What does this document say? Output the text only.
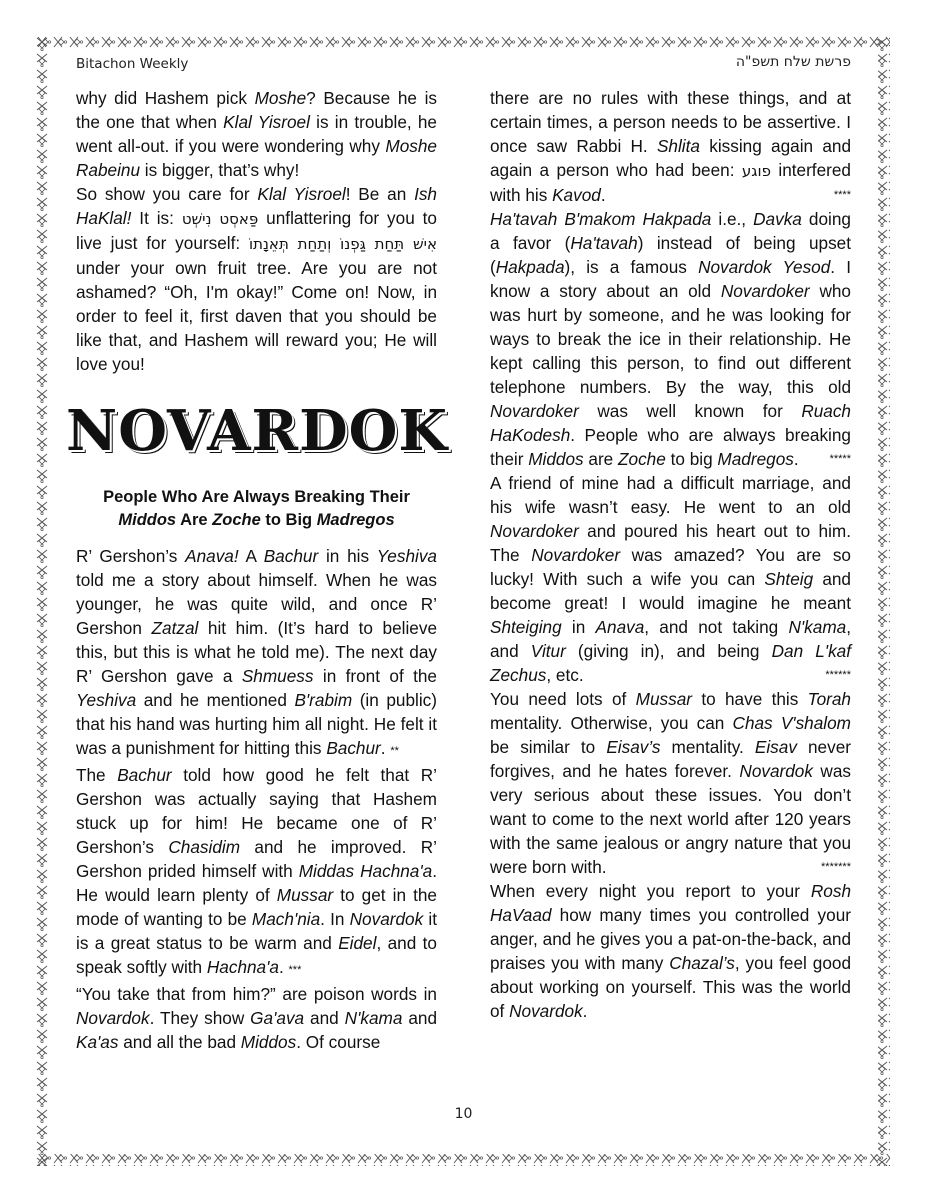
Bitachon Weekly	פרשת שלח תשפ"ה

why did Hashem pick Moshe? Because he is the one that when Klal Yisroel is in trouble, he went all-out. if you were wondering why Moshe Rabeinu is bigger, that’s why!

So show you care for Klal Yisroel! Be an Ish HaKlal! It is: פַּאסְט נִישְׁט unflattering for you to live just for yourself: אִישׁ תַּחַת גַּפְנוֹ וְתַחַת תְּאֵנָתוֹ under your own fruit tree. Are you are not ashamed? “Oh, I'm okay!” Come on! Now, in order to feel it, first daven that you should be like that, and Hashem will reward you; He will love you!

NOVARDOK
People Who Are Always Breaking Their
Middos Are Zoche to Big Madregos

R’ Gershon’s Anava! A Bachur in his Yeshiva told me a story about himself. When he was younger, he was quite wild, and once R’ Gershon Zatzal hit him. (It’s hard to believe this, but this is what he told me). The next day R’ Gershon gave a Shmuess in front of the Yeshiva and he mentioned B'rabim (in public) that his hand was hurting him all night. He felt it was a punishment for hitting this Bachur. **

The Bachur told how good he felt that R’ Gershon was actually saying that Hashem stuck up for him! He became one of R’ Gershon’s Chasidim and he improved. R’ Gershon prided himself with Middas Hachna'a. He would learn plenty of Mussar to get in the mode of wanting to be Mach'nia. In Novardok it is a great status to be warm and Eidel, and to speak softly with Hachna'a. ***

“You take that from him?” are poison words in Novardok. They show Ga'ava and N'kama and Ka'as and all the bad Middos. Of course

there are no rules with these things, and at certain times, a person needs to be assertive. I once saw Rabbi H. Shlita kissing again and again a person who had been: פוגע interfered with his Kavod.	****

Ha'tavah B'makom Hakpada i.e., Davka doing a favor (Ha'tavah) instead of being upset (Hakpada), is a famous Novardok Yesod. I know a story about an old Novardoker who was hurt by someone, and he was looking for ways to break the ice in their relationship. He kept calling this person, to find out different telephone numbers. By the way, this old Novardoker was well known for Ruach HaKodesh. People who are always breaking their Middos are Zoche to big Madregos.	*****

A friend of mine had a difficult marriage, and his wife wasn’t easy. He went to an old Novardoker and poured his heart out to him. The Novardoker was amazed? You are so lucky! With such a wife you can Shteig and become great! I would imagine he meant Shteiging in Anava, and not taking N'kama, and Vitur (giving in), and being Dan L'kaf Zechus, etc.	******

You need lots of Mussar to have this Torah mentality. Otherwise, you can Chas V'shalom be similar to Eisav’s mentality. Eisav never forgives, and he hates forever. Novardok was very serious about these issues. You don’t want to come to the next world after 120 years with the same jealous or angry nature that you were born with.	*******

When every night you report to your Rosh HaVaad how many times you controlled your anger, and he gives you a pat-on-the-back, and praises you with many Chazal’s, you feel good about working on yourself. This was the world of Novardok.

10
